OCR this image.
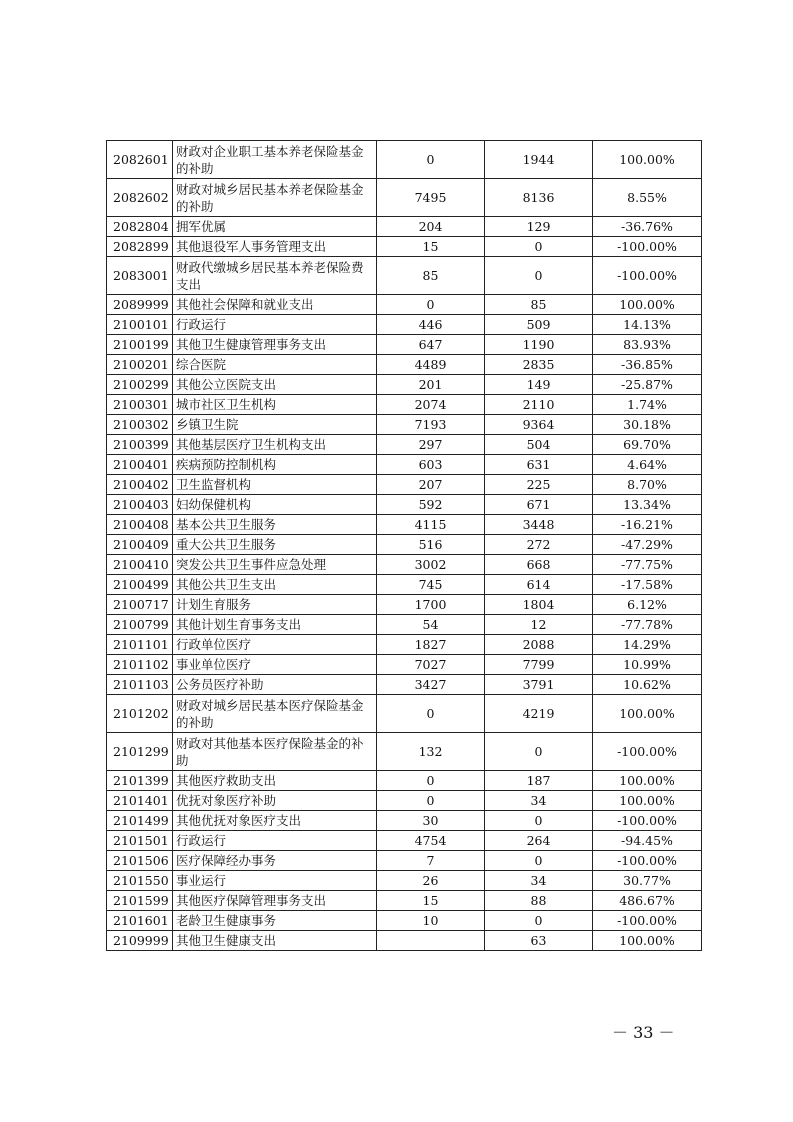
2082601	财政对企业职工基本养老保险基金的补助	0	1944	100.00%
2082602	财政对城乡居民基本养老保险基金的补助	7495	8136	8.55%
2082804	拥军优属	204	129	-36.76%
2082899	其他退役军人事务管理支出	15	0	-100.00%
2083001	财政代缴城乡居民基本养老保险费支出	85	0	-100.00%
2089999	其他社会保障和就业支出	0	85	100.00%
2100101	行政运行	446	509	14.13%
2100199	其他卫生健康管理事务支出	647	1190	83.93%
2100201	综合医院	4489	2835	-36.85%
2100299	其他公立医院支出	201	149	-25.87%
2100301	城市社区卫生机构	2074	2110	1.74%
2100302	乡镇卫生院	7193	9364	30.18%
2100399	其他基层医疗卫生机构支出	297	504	69.70%
2100401	疾病预防控制机构	603	631	4.64%
2100402	卫生监督机构	207	225	8.70%
2100403	妇幼保健机构	592	671	13.34%
2100408	基本公共卫生服务	4115	3448	-16.21%
2100409	重大公共卫生服务	516	272	-47.29%
2100410	突发公共卫生事件应急处理	3002	668	-77.75%
2100499	其他公共卫生支出	745	614	-17.58%
2100717	计划生育服务	1700	1804	6.12%
2100799	其他计划生育事务支出	54	12	-77.78%
2101101	行政单位医疗	1827	2088	14.29%
2101102	事业单位医疗	7027	7799	10.99%
2101103	公务员医疗补助	3427	3791	10.62%
2101202	财政对城乡居民基本医疗保险基金的补助	0	4219	100.00%
2101299	财政对其他基本医疗保险基金的补助	132	0	-100.00%
2101399	其他医疗救助支出	0	187	100.00%
2101401	优抚对象医疗补助	0	34	100.00%
2101499	其他优抚对象医疗支出	30	0	-100.00%
2101501	行政运行	4754	264	-94.45%
2101506	医疗保障经办事务	7	0	-100.00%
2101550	事业运行	26	34	30.77%
2101599	其他医疗保障管理事务支出	15	88	486.67%
2101601	老龄卫生健康事务	10	0	-100.00%
2109999	其他卫生健康支出		63	100.00%
－ 33 －
